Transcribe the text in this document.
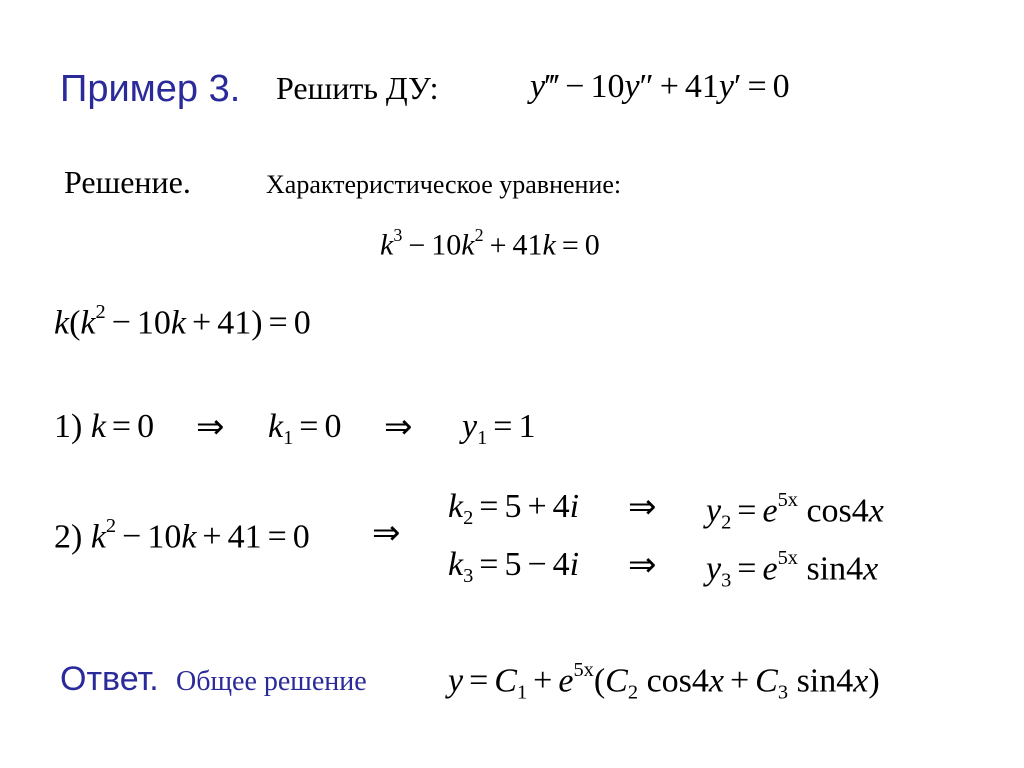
Пример 3. Решить ДУ:	y‴ − 10y″ + 41y′ = 0
Решение.	Характеристическое уравнение:
$k^3 - 10k^2 + 41k = 0$
$k(k^2 - 10k + 41) = 0$
1) k = 0 ⇒ $k_1 = 0$ ⇒ $y_1 = 1$
2) $k^2 - 10k + 41 = 0$ ⇒
$k_2 = 5 + 4i$ ⇒ $y_2 = e^{5x}$ cos4x
$k_3 = 5 - 4i$ ⇒ $y_3 = e^{5x}$ sin4x
Ответ. Общее решение $y = C_1 + e^{5x}(C_2$ $\cos 4x + C_3$ sin4x)
